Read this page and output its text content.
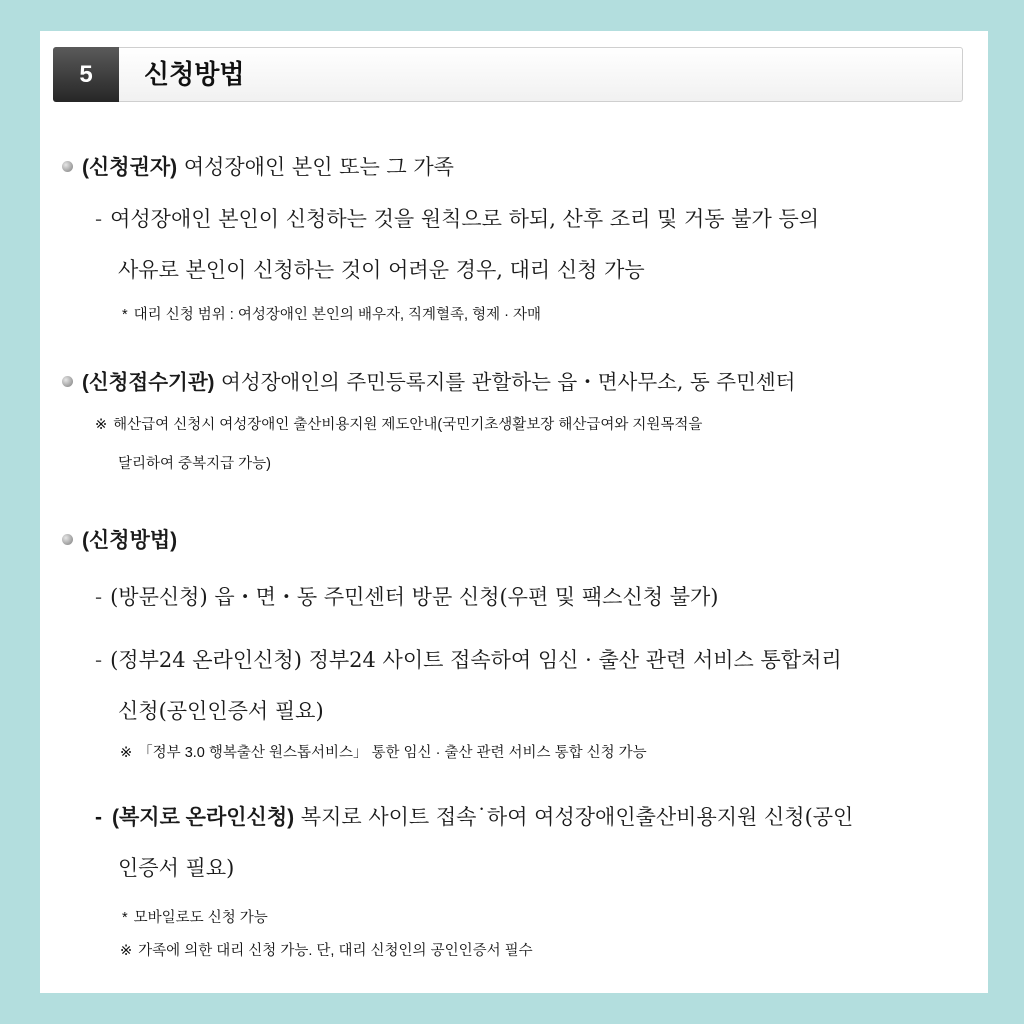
5	신청방법
(신청권자) 여성장애인 본인 또는 그 가족
- 여성장애인 본인이 신청하는 것을 원칙으로 하되, 산후 조리 및 거동 불가 등의
사유로 본인이 신청하는 것이 어려운 경우, 대리 신청 가능
* 대리 신청 범위 : 여성장애인 본인의 배우자, 직계혈족, 형제 · 자매
(신청접수기관) 여성장애인의 주민등록지를 관할하는 읍・면사무소, 동 주민센터
※ 해산급여 신청시 여성장애인 출산비용지원 제도안내(국민기초생활보장 해산급여와 지원목적을
달리하여 중복지급 가능)
(신청방법)
- (방문신청) 읍・면・동 주민센터 방문 신청(우편 및 팩스신청 불가)
- (정부24 온라인신청) 정부24 사이트 접속하여 임신 · 출산 관련 서비스 통합처리
신청(공인인증서 필요)
※ 「정부 3.0 행복출산 원스톱서비스」 통한 임신 · 출산 관련 서비스 통합 신청 가능
- (복지로 온라인신청) 복지로 사이트 접속˙하여 여성장애인출산비용지원 신청(공인
인증서 필요)
* 모바일로도 신청 가능
※ 가족에 의한 대리 신청 가능. 단, 대리 신청인의 공인인증서 필수
